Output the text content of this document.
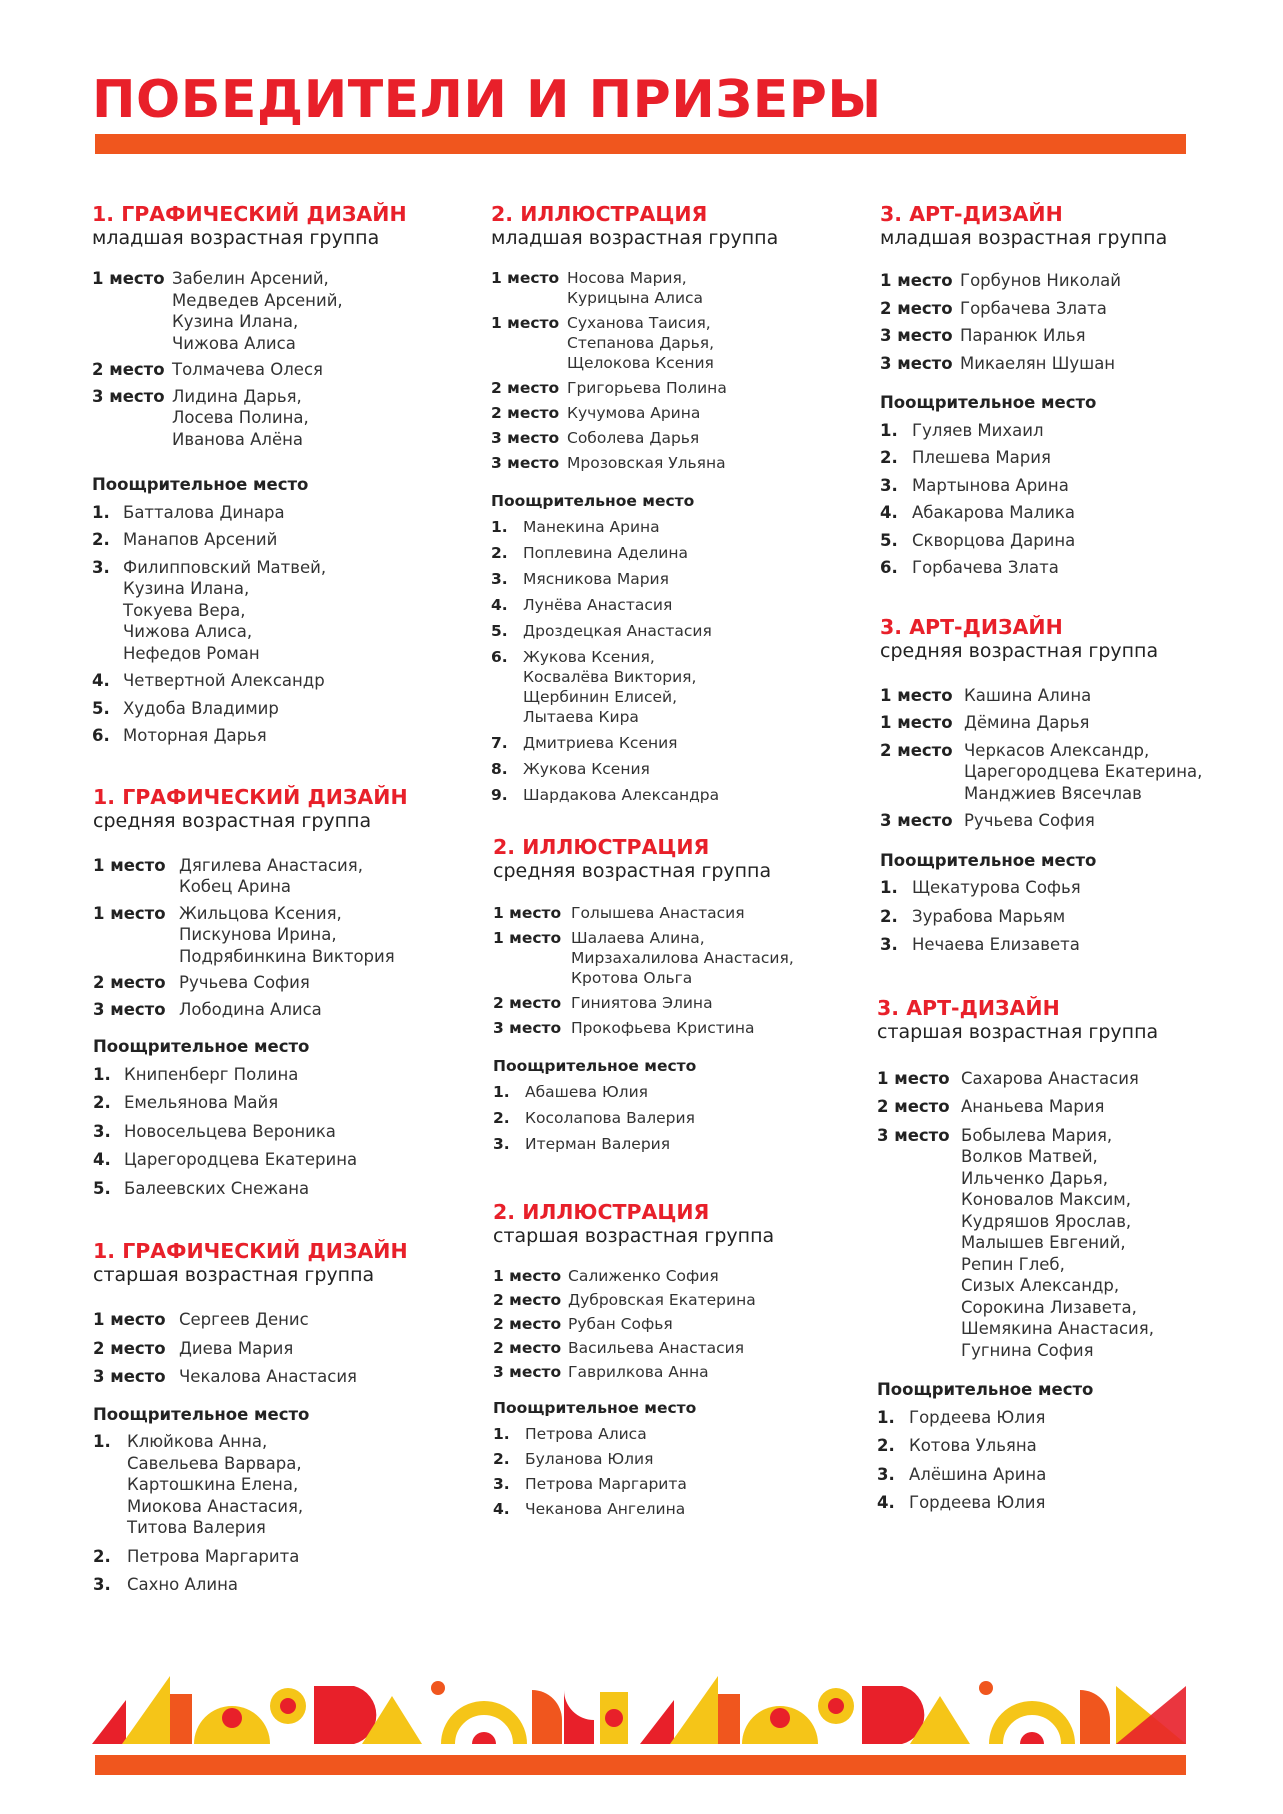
ПОБЕДИТЕЛИ И ПРИЗЕРЫ
1. ГРАФИЧЕСКИЙ ДИЗАЙН
младшая возрастная группа
1 место Забелин Арсений,
Медведев Арсений,
Кузина Илана,
Чижова Алиса
2 место Толмачева Олеся
3 место Лидина Дарья,
Лосева Полина,
Иванова Алёна
Поощрительное место
1. Батталова Динара
2. Манапов Арсений
3. Филипповский Матвей,
Кузина Илана,
Токуева Вера,
Чижова Алиса,
Нефедов Роман
4. Четвертной Александр
5. Худоба Владимир
6. Моторная Дарья
1. ГРАФИЧЕСКИЙ ДИЗАЙН
средняя возрастная группа
1 место Дягилева Анастасия,
Кобец Арина
1 место Жильцова Ксения,
Пискунова Ирина,
Подрябинкина Виктория
2 место Ручьева София
3 место Лободина Алиса
Поощрительное место
1. Книпенберг Полина
2. Емельянова Майя
3. Новосельцева Вероника
4. Царегородцева Екатерина
5. Балеевских Снежана
1. ГРАФИЧЕСКИЙ ДИЗАЙН
старшая возрастная группа
1 место Сергеев Денис
2 место Диева Мария
3 место Чекалова Анастасия
Поощрительное место
1. Клюйкова Анна,
Савельева Варвара,
Картошкина Елена,
Миокова Анастасия,
Титова Валерия
2. Петрова Маргарита
3. Сахно Алина
2. ИЛЛЮСТРАЦИЯ
младшая возрастная группа
1 место Носова Мария,
Курицына Алиса
1 место Суханова Таисия,
Степанова Дарья,
Щелокова Ксения
2 место Григорьева Полина
2 место Кучумова Арина
3 место Соболева Дарья
3 место Мрозовская Ульяна
Поощрительное место
1. Манекина Арина
2. Поплевина Аделина
3. Мясникова Мария
4. Лунёва Анастасия
5. Дроздецкая Анастасия
6. Жукова Ксения,
Косвалёва Виктория,
Щербинин Елисей,
Лытаева Кира
7. Дмитриева Ксения
8. Жукова Ксения
9. Шардакова Александра
2. ИЛЛЮСТРАЦИЯ
средняя возрастная группа
1 место Голышева Анастасия
1 место Шалаева Алина,
Мирзахалилова Анастасия,
Кротова Ольга
2 место Гиниятова Элина
3 место Прокофьева Кристина
Поощрительное место
1. Абашева Юлия
2. Косолапова Валерия
3. Итерман Валерия
2. ИЛЛЮСТРАЦИЯ
старшая возрастная группа
1 место Салиженко София
2 место Дубровская Екатерина
2 место Рубан Софья
2 место Васильева Анастасия
3 место Гаврилкова Анна
Поощрительное место
1. Петрова Алиса
2. Буланова Юлия
3. Петрова Маргарита
4. Чеканова Ангелина
3. АРТ-ДИЗАЙН
младшая возрастная группа
1 место Горбунов Николай
2 место Горбачева Злата
3 место Паранюк Илья
3 место Микаелян Шушан
Поощрительное место
1. Гуляев Михаил
2. Плешева Мария
3. Мартынова Арина
4. Абакарова Малика
5. Скворцова Дарина
6. Горбачева Злата
3. АРТ-ДИЗАЙН
средняя возрастная группа
1 место Кашина Алина
1 место Дёмина Дарья
2 место Черкасов Александр,
Царегородцева Екатерина,
Манджиев Вясечлав
3 место Ручьева София
Поощрительное место
1. Щекатурова Софья
2. Зурабова Марьям
3. Нечаева Елизавета
3. АРТ-ДИЗАЙН
старшая возрастная группа
1 место Сахарова Анастасия
2 место Ананьева Мария
3 место Бобылева Мария,
Волков Матвей,
Ильченко Дарья,
Коновалов Максим,
Кудряшов Ярослав,
Малышев Евгений,
Репин Глеб,
Сизых Александр,
Сорокина Лизавета,
Шемякина Анастасия,
Гугнина София
Поощрительное место
1. Гордеева Юлия
2. Котова Ульяна
3. Алёшина Арина
4. Гордеева Юлия
